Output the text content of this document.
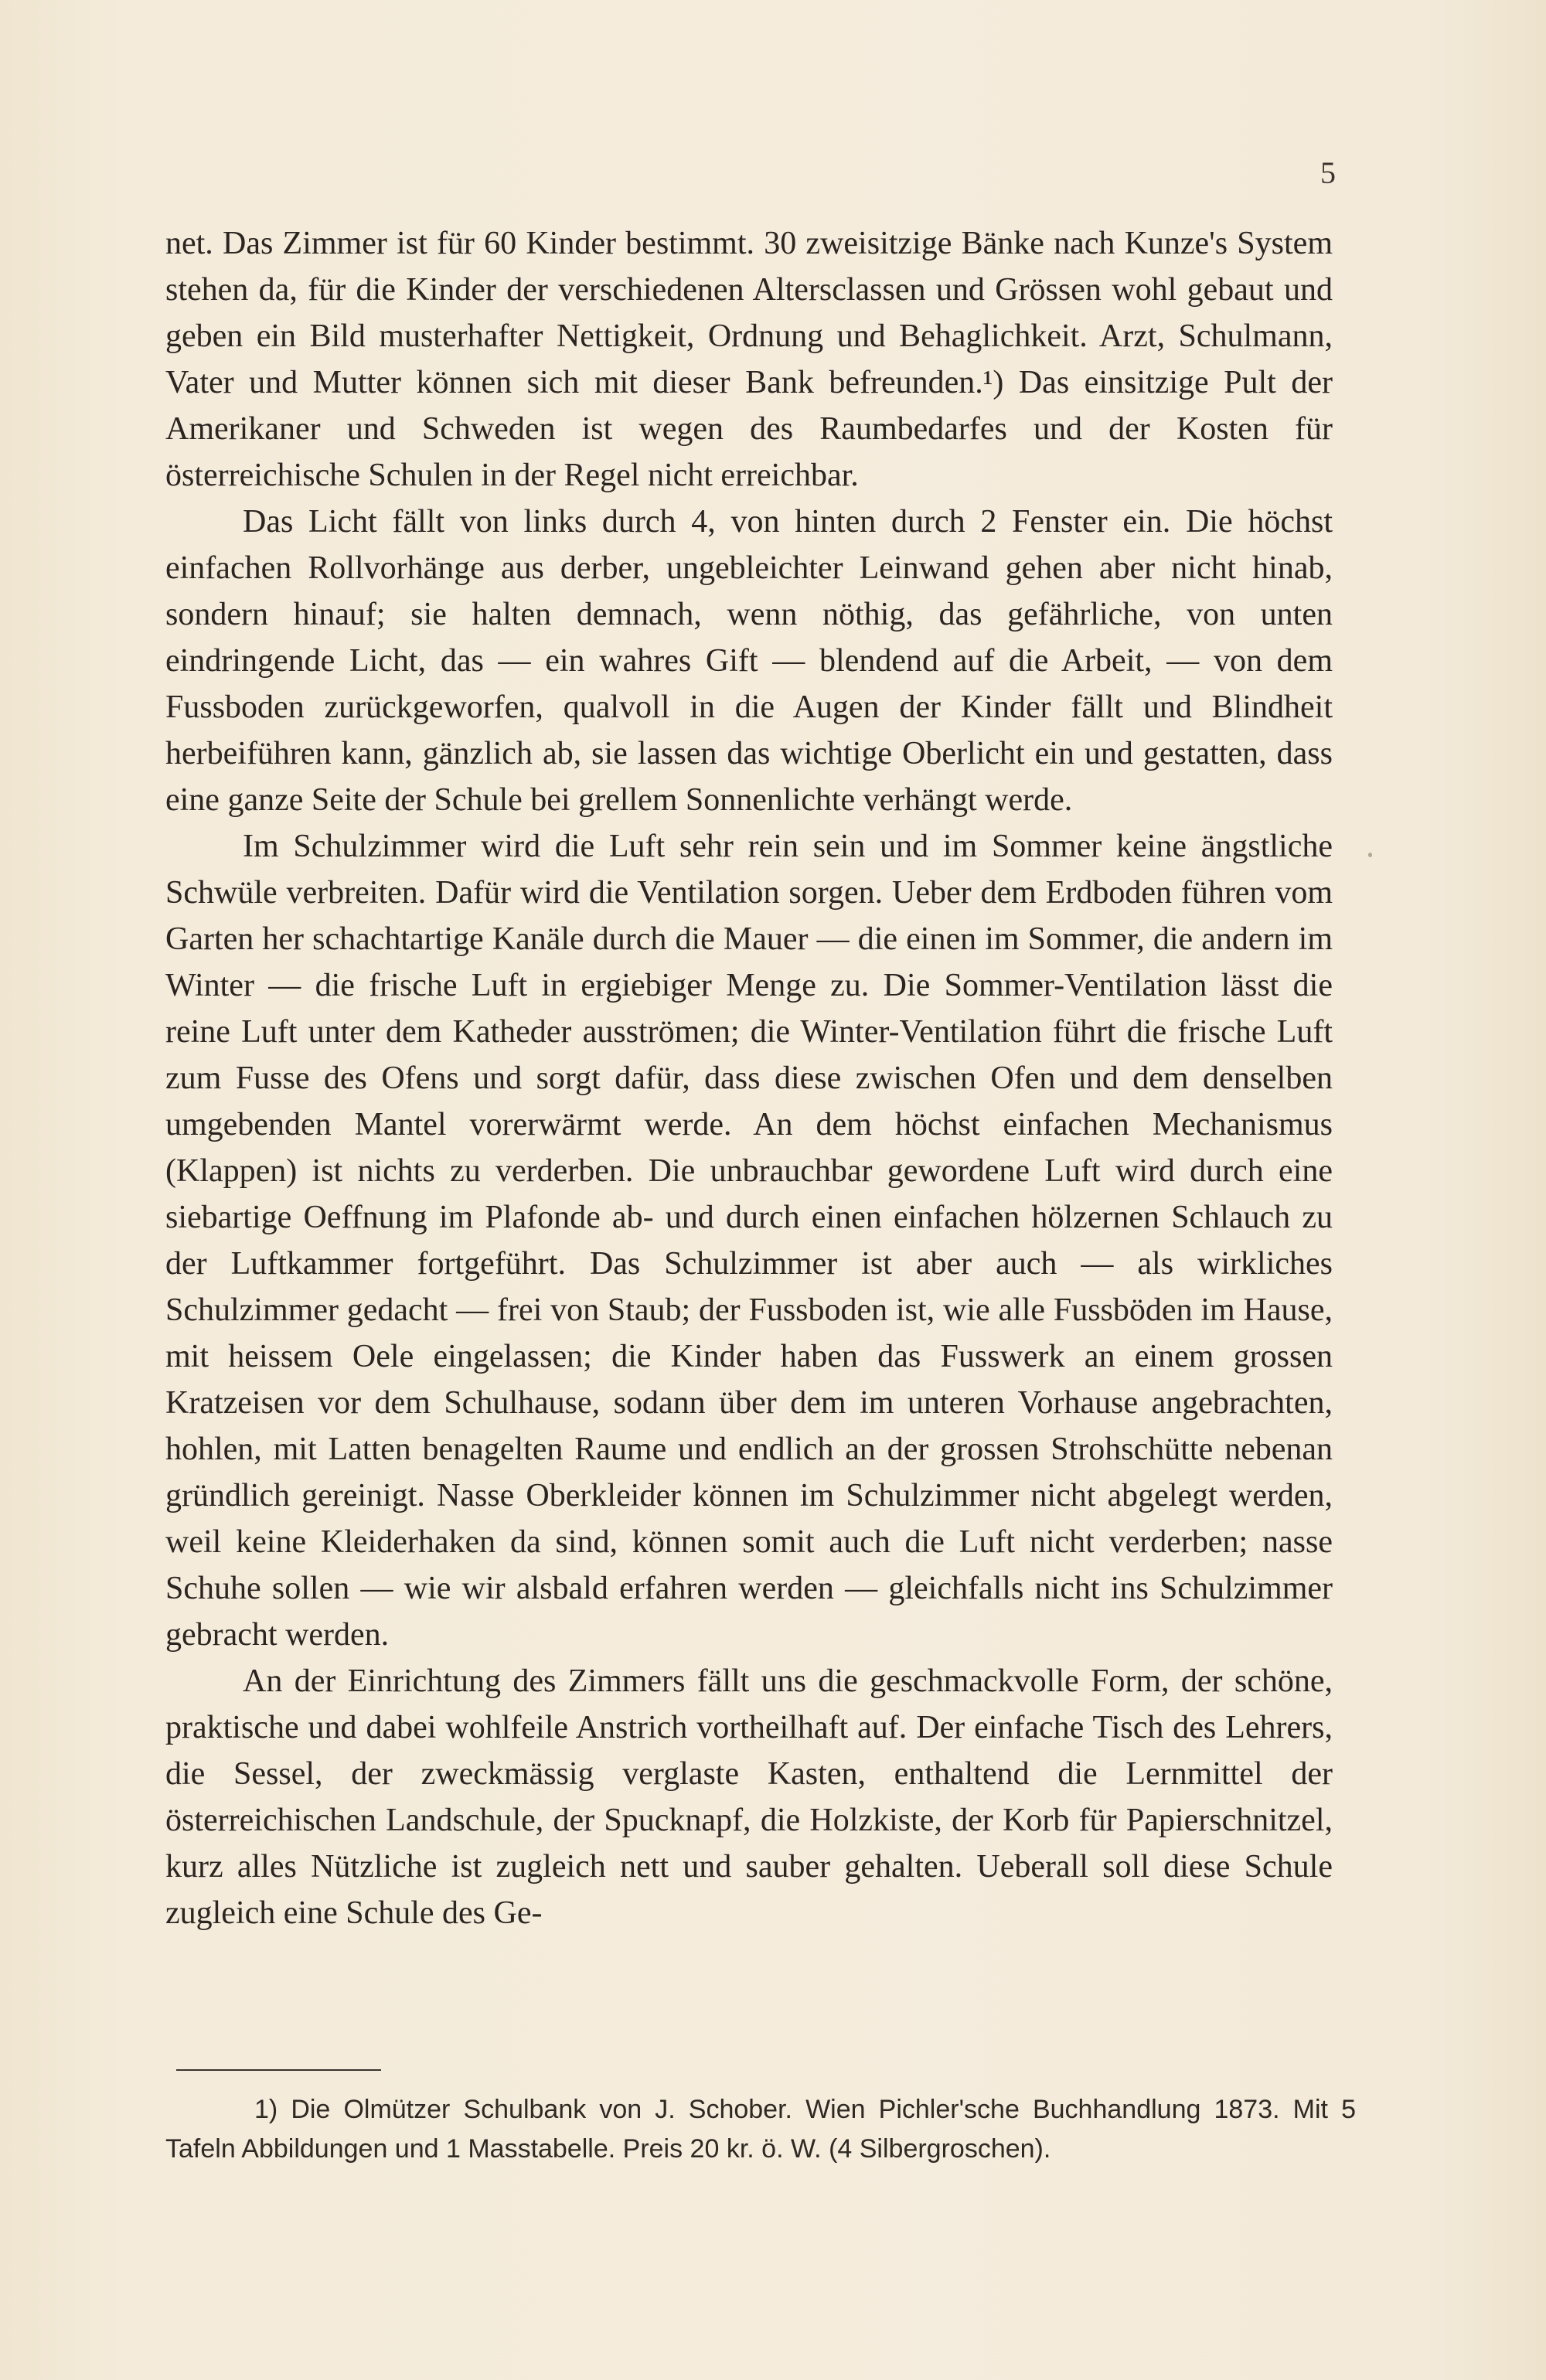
5

net. Das Zimmer ist für 60 Kinder bestimmt. 30 zweisitzige Bänke nach Kunze's System stehen da, für die Kinder der verschiedenen Altersclassen und Grössen wohl gebaut und geben ein Bild musterhafter Nettigkeit, Ordnung und Behaglichkeit. Arzt, Schulmann, Vater und Mutter können sich mit dieser Bank befreunden.¹) Das einsitzige Pult der Amerikaner und Schweden ist wegen des Raumbedarfes und der Kosten für österreichische Schulen in der Regel nicht erreichbar.

Das Licht fällt von links durch 4, von hinten durch 2 Fenster ein. Die höchst einfachen Rollvorhänge aus derber, ungebleichter Leinwand gehen aber nicht hinab, sondern hinauf; sie halten demnach, wenn nöthig, das gefährliche, von unten eindringende Licht, das — ein wahres Gift — blendend auf die Arbeit, — von dem Fussboden zurückgeworfen, qualvoll in die Augen der Kinder fällt und Blindheit herbeiführen kann, gänzlich ab, sie lassen das wichtige Oberlicht ein und gestatten, dass eine ganze Seite der Schule bei grellem Sonnenlichte verhängt werde.

Im Schulzimmer wird die Luft sehr rein sein und im Sommer keine ängstliche Schwüle verbreiten. Dafür wird die Ventilation sorgen. Ueber dem Erdboden führen vom Garten her schachtartige Kanäle durch die Mauer — die einen im Sommer, die andern im Winter — die frische Luft in ergiebiger Menge zu. Die Sommer-Ventilation lässt die reine Luft unter dem Katheder ausströmen; die Winter-Ventilation führt die frische Luft zum Fusse des Ofens und sorgt dafür, dass diese zwischen Ofen und dem denselben umgebenden Mantel vorerwärmt werde. An dem höchst einfachen Mechanismus (Klappen) ist nichts zu verderben. Die unbrauchbar gewordene Luft wird durch eine siebartige Oeffnung im Plafonde ab- und durch einen einfachen hölzernen Schlauch zu der Luftkammer fortgeführt. Das Schulzimmer ist aber auch — als wirkliches Schulzimmer gedacht — frei von Staub; der Fussboden ist, wie alle Fussböden im Hause, mit heissem Oele eingelassen; die Kinder haben das Fusswerk an einem grossen Kratzeisen vor dem Schulhause, sodann über dem im unteren Vorhause angebrachten, hohlen, mit Latten benagelten Raume und endlich an der grossen Strohschütte nebenan gründlich gereinigt. Nasse Oberkleider können im Schulzimmer nicht abgelegt werden, weil keine Kleiderhaken da sind, können somit auch die Luft nicht verderben; nasse Schuhe sollen — wie wir alsbald erfahren werden — gleichfalls nicht ins Schulzimmer gebracht werden.

An der Einrichtung des Zimmers fällt uns die geschmackvolle Form, der schöne, praktische und dabei wohlfeile Anstrich vortheilhaft auf. Der einfache Tisch des Lehrers, die Sessel, der zweckmässig verglaste Kasten, enthaltend die Lernmittel der österreichischen Landschule, der Spucknapf, die Holzkiste, der Korb für Papierschnitzel, kurz alles Nützliche ist zugleich nett und sauber gehalten. Ueberall soll diese Schule zugleich eine Schule des Ge-

1) Die Olmützer Schulbank von J. Schober. Wien Pichler'sche Buchhandlung 1873. Mit 5 Tafeln Abbildungen und 1 Masstabelle. Preis 20 kr. ö. W. (4 Silbergroschen).
